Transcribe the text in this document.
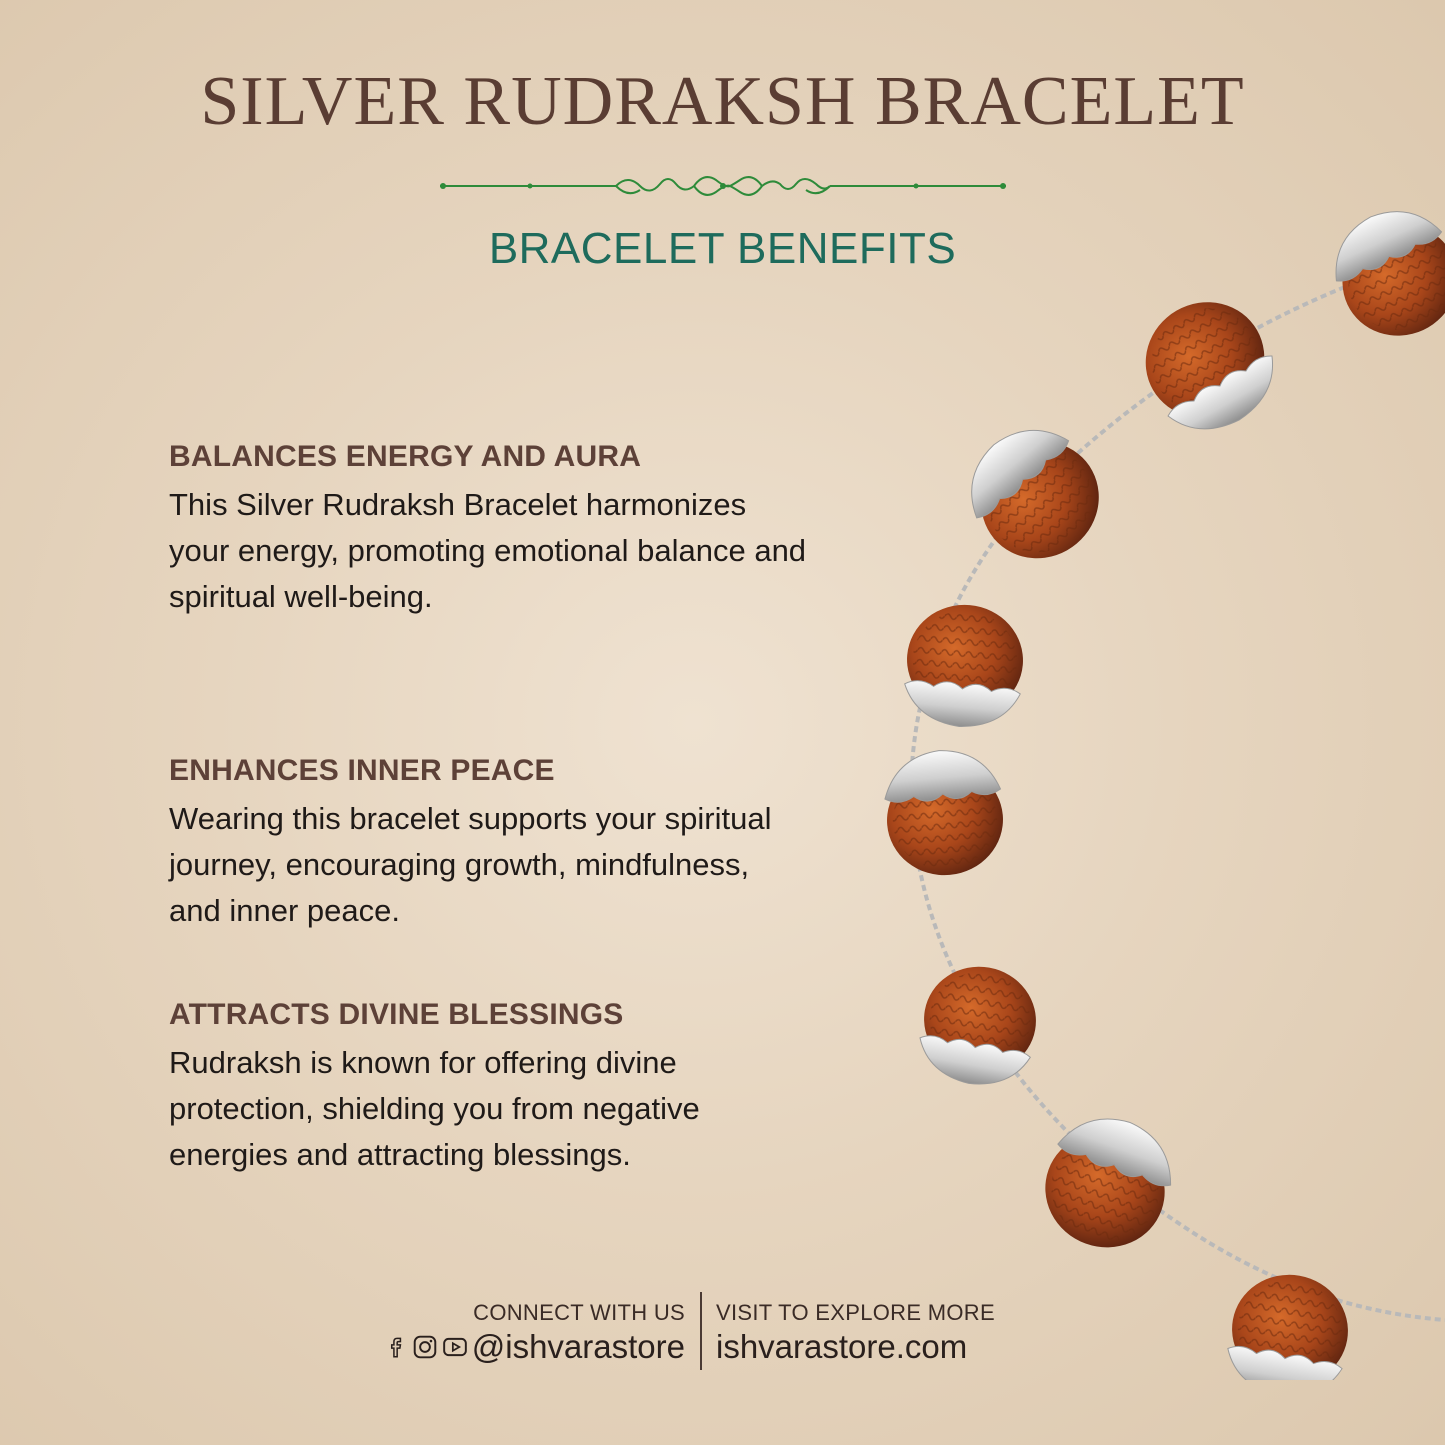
SILVER RUDRAKSH BRACELET
BRACELET BENEFITS
BALANCES ENERGY AND AURA

This Silver Rudraksh Bracelet harmonizes your energy, promoting emotional balance and spiritual well-being.

ENHANCES INNER PEACE

Wearing this bracelet supports your spiritual journey, encouraging growth, mindfulness, and inner peace.

ATTRACTS DIVINE BLESSINGS

Rudraksh is known for offering divine protection, shielding you from negative energies and attracting blessings.

CONNECT WITH US
@ishvarastore
VISIT TO EXPLORE MORE
ishvarastore.com
